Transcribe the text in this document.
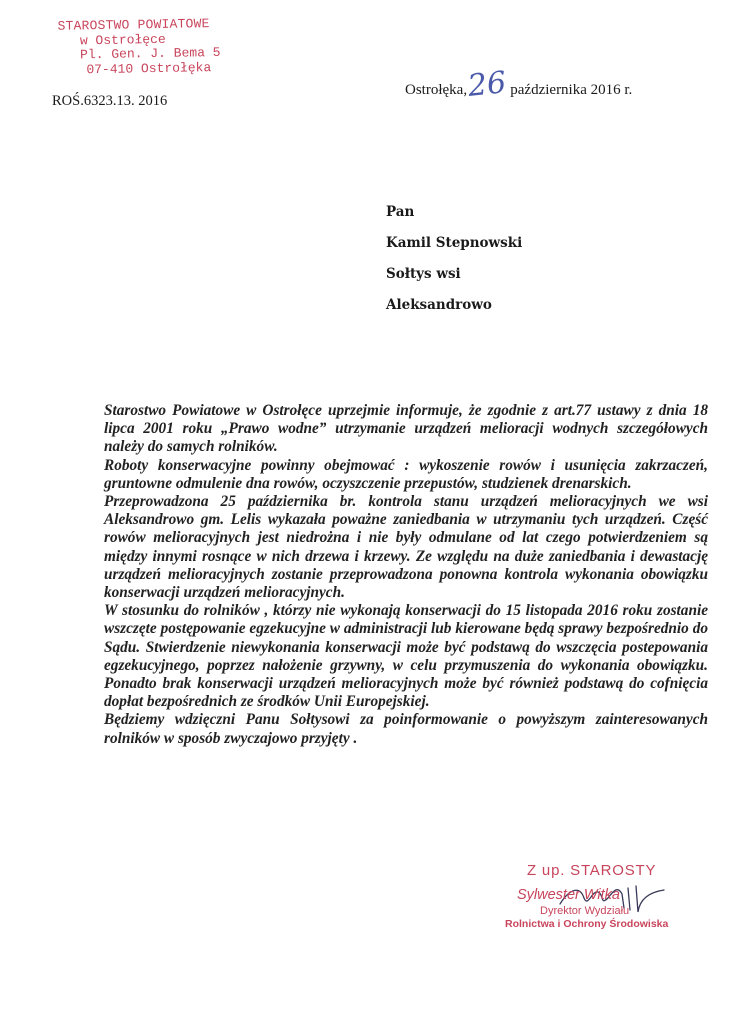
STAROSTWO POWIATOWE
w Ostrołęce
Pl. Gen. J. Bema 5
07-410 Ostrołęka
ROŚ.6323.13. 2016
Ostrołęka,26 października 2016 r.
Pan
Kamil Stepnowski
Sołtys wsi
Aleksandrowo

Starostwo Powiatowe w Ostrołęce uprzejmie informuje, że zgodnie z art.77 ustawy z dnia 18 lipca 2001 roku „Prawo wodne” utrzymanie urządzeń melioracji wodnych szczegółowych należy do samych rolników.

Roboty konserwacyjne powinny obejmować : wykoszenie rowów i usunięcia zakrzaczeń, gruntowne odmulenie dna rowów, oczyszczenie przepustów, studzienek drenarskich.

Przeprowadzona 25 października br. kontrola stanu urządzeń melioracyjnych we wsi Aleksandrowo gm. Lelis wykazała poważne zaniedbania w utrzymaniu tych urządzeń. Część rowów melioracyjnych jest niedrożna i nie były odmulane od lat czego potwierdzeniem są między innymi rosnące w nich drzewa i krzewy. Ze względu na duże zaniedbania i dewastację urządzeń melioracyjnych zostanie przeprowadzona ponowna kontrola wykonania obowiązku konserwacji urządzeń melioracyjnych.

W stosunku do rolników , którzy nie wykonają konserwacji do 15 listopada 2016 roku zostanie wszczęte postępowanie egzekucyjne w administracji lub kierowane będą sprawy bezpośrednio do Sądu. Stwierdzenie niewykonania konserwacji może być podstawą do wszczęcia postepowania egzekucyjnego, poprzez nałożenie grzywny, w celu przymuszenia do wykonania obowiązku. Ponadto brak konserwacji urządzeń melioracyjnych może być również podstawą do cofnięcia dopłat bezpośrednich ze środków Unii Europejskiej.

Będziemy wdzięczni Panu Sołtysowi za poinformowanie o powyższym zainteresowanych rolników w sposób zwyczajowo przyjęty .

Z up. STAROSTY
Sylwester Witka
Dyrektor Wydziału
Rolnictwa i Ochrony Środowiska
